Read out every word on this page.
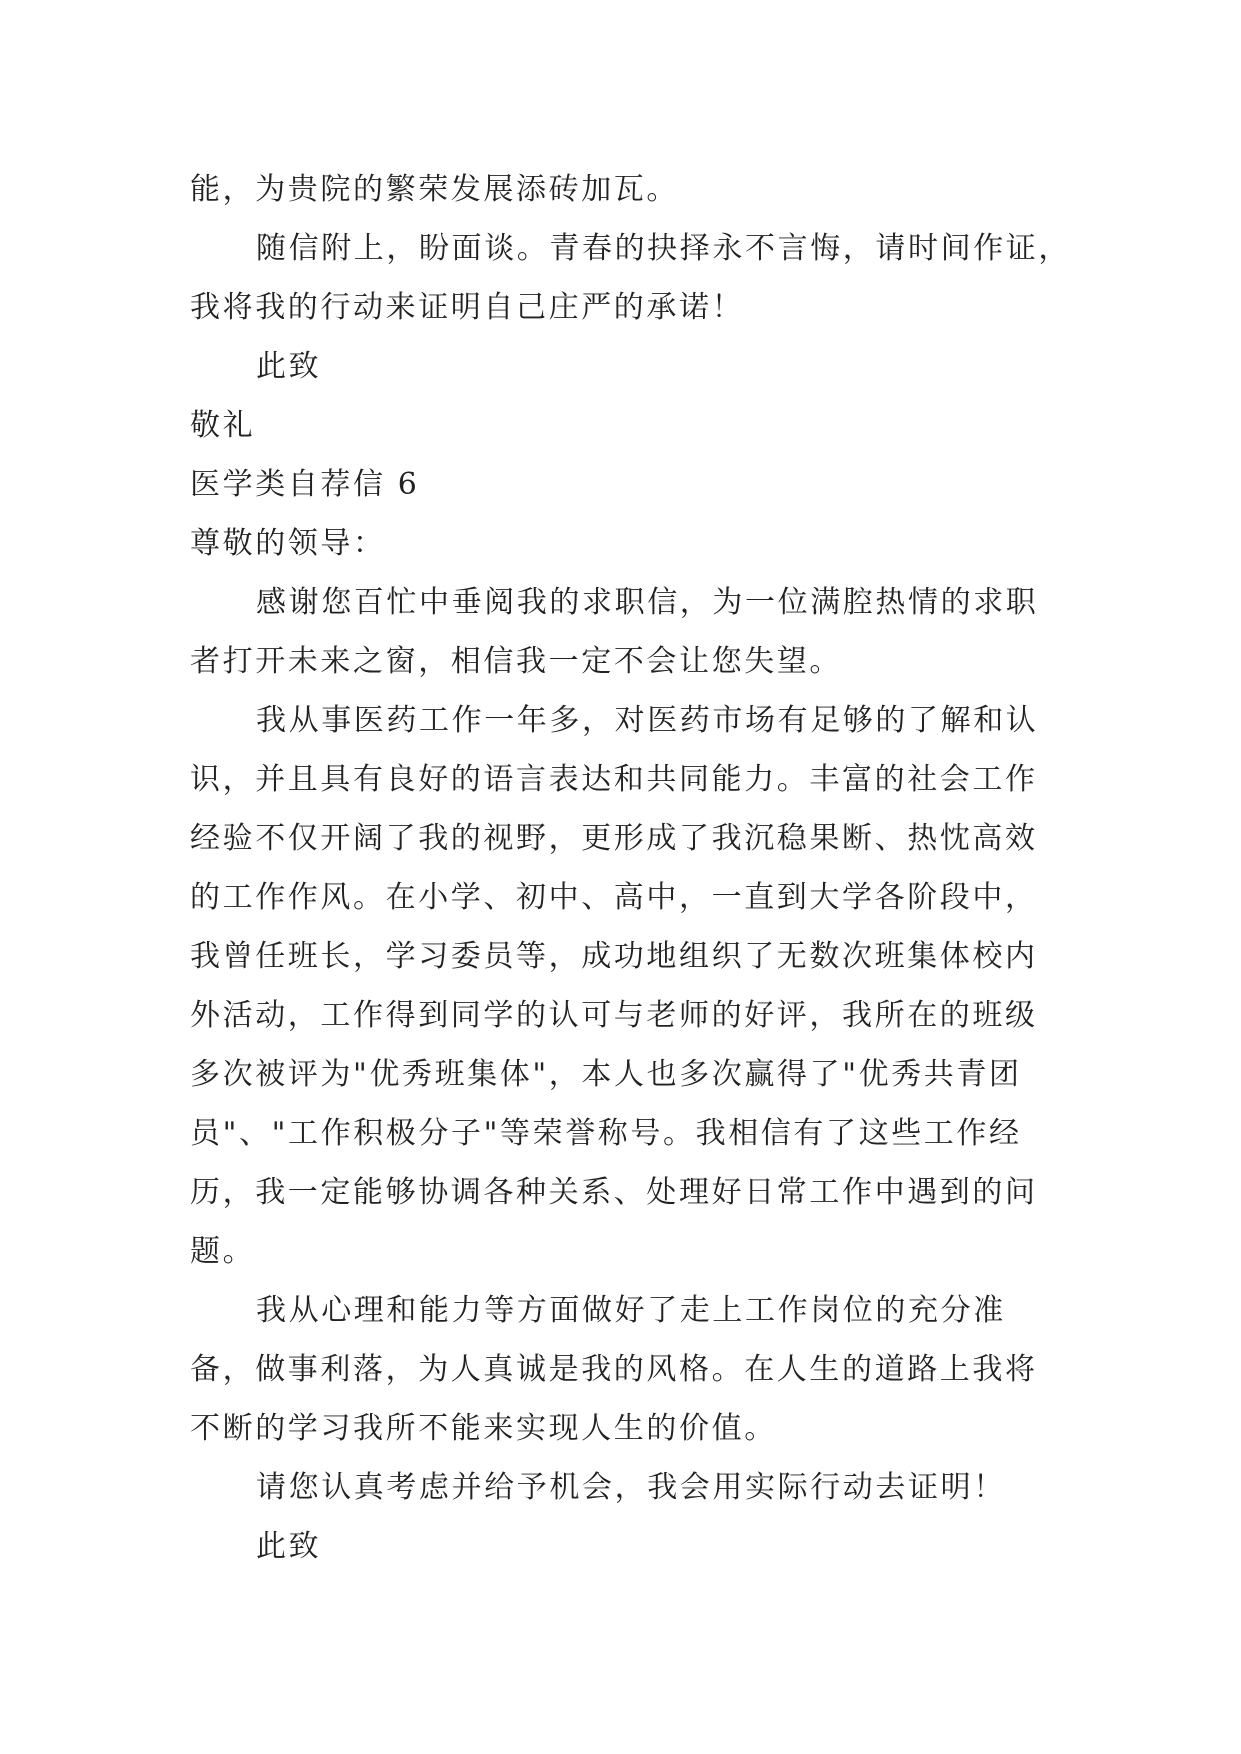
能，为贵院的繁荣发展添砖加瓦。
随信附上，盼面谈。青春的抉择永不言悔，请时间作证，
我将我的行动来证明自己庄严的承诺！
此致
敬礼
医学类自荐信 6
尊敬的领导：
感谢您百忙中垂阅我的求职信，为一位满腔热情的求职
者打开未来之窗，相信我一定不会让您失望。
我从事医药工作一年多，对医药市场有足够的了解和认
识，并且具有良好的语言表达和共同能力。丰富的社会工作
经验不仅开阔了我的视野，更形成了我沉稳果断、热忱高效
的工作作风。在小学、初中、高中，一直到大学各阶段中，
我曾任班长，学习委员等，成功地组织了无数次班集体校内
外活动，工作得到同学的认可与老师的好评，我所在的班级
多次被评为"优秀班集体"，本人也多次赢得了"优秀共青团
员"、"工作积极分子"等荣誉称号。我相信有了这些工作经
历，我一定能够协调各种关系、处理好日常工作中遇到的问
题。
我从心理和能力等方面做好了走上工作岗位的充分准
备，做事利落，为人真诚是我的风格。在人生的道路上我将
不断的学习我所不能来实现人生的价值。
请您认真考虑并给予机会，我会用实际行动去证明！
此致
